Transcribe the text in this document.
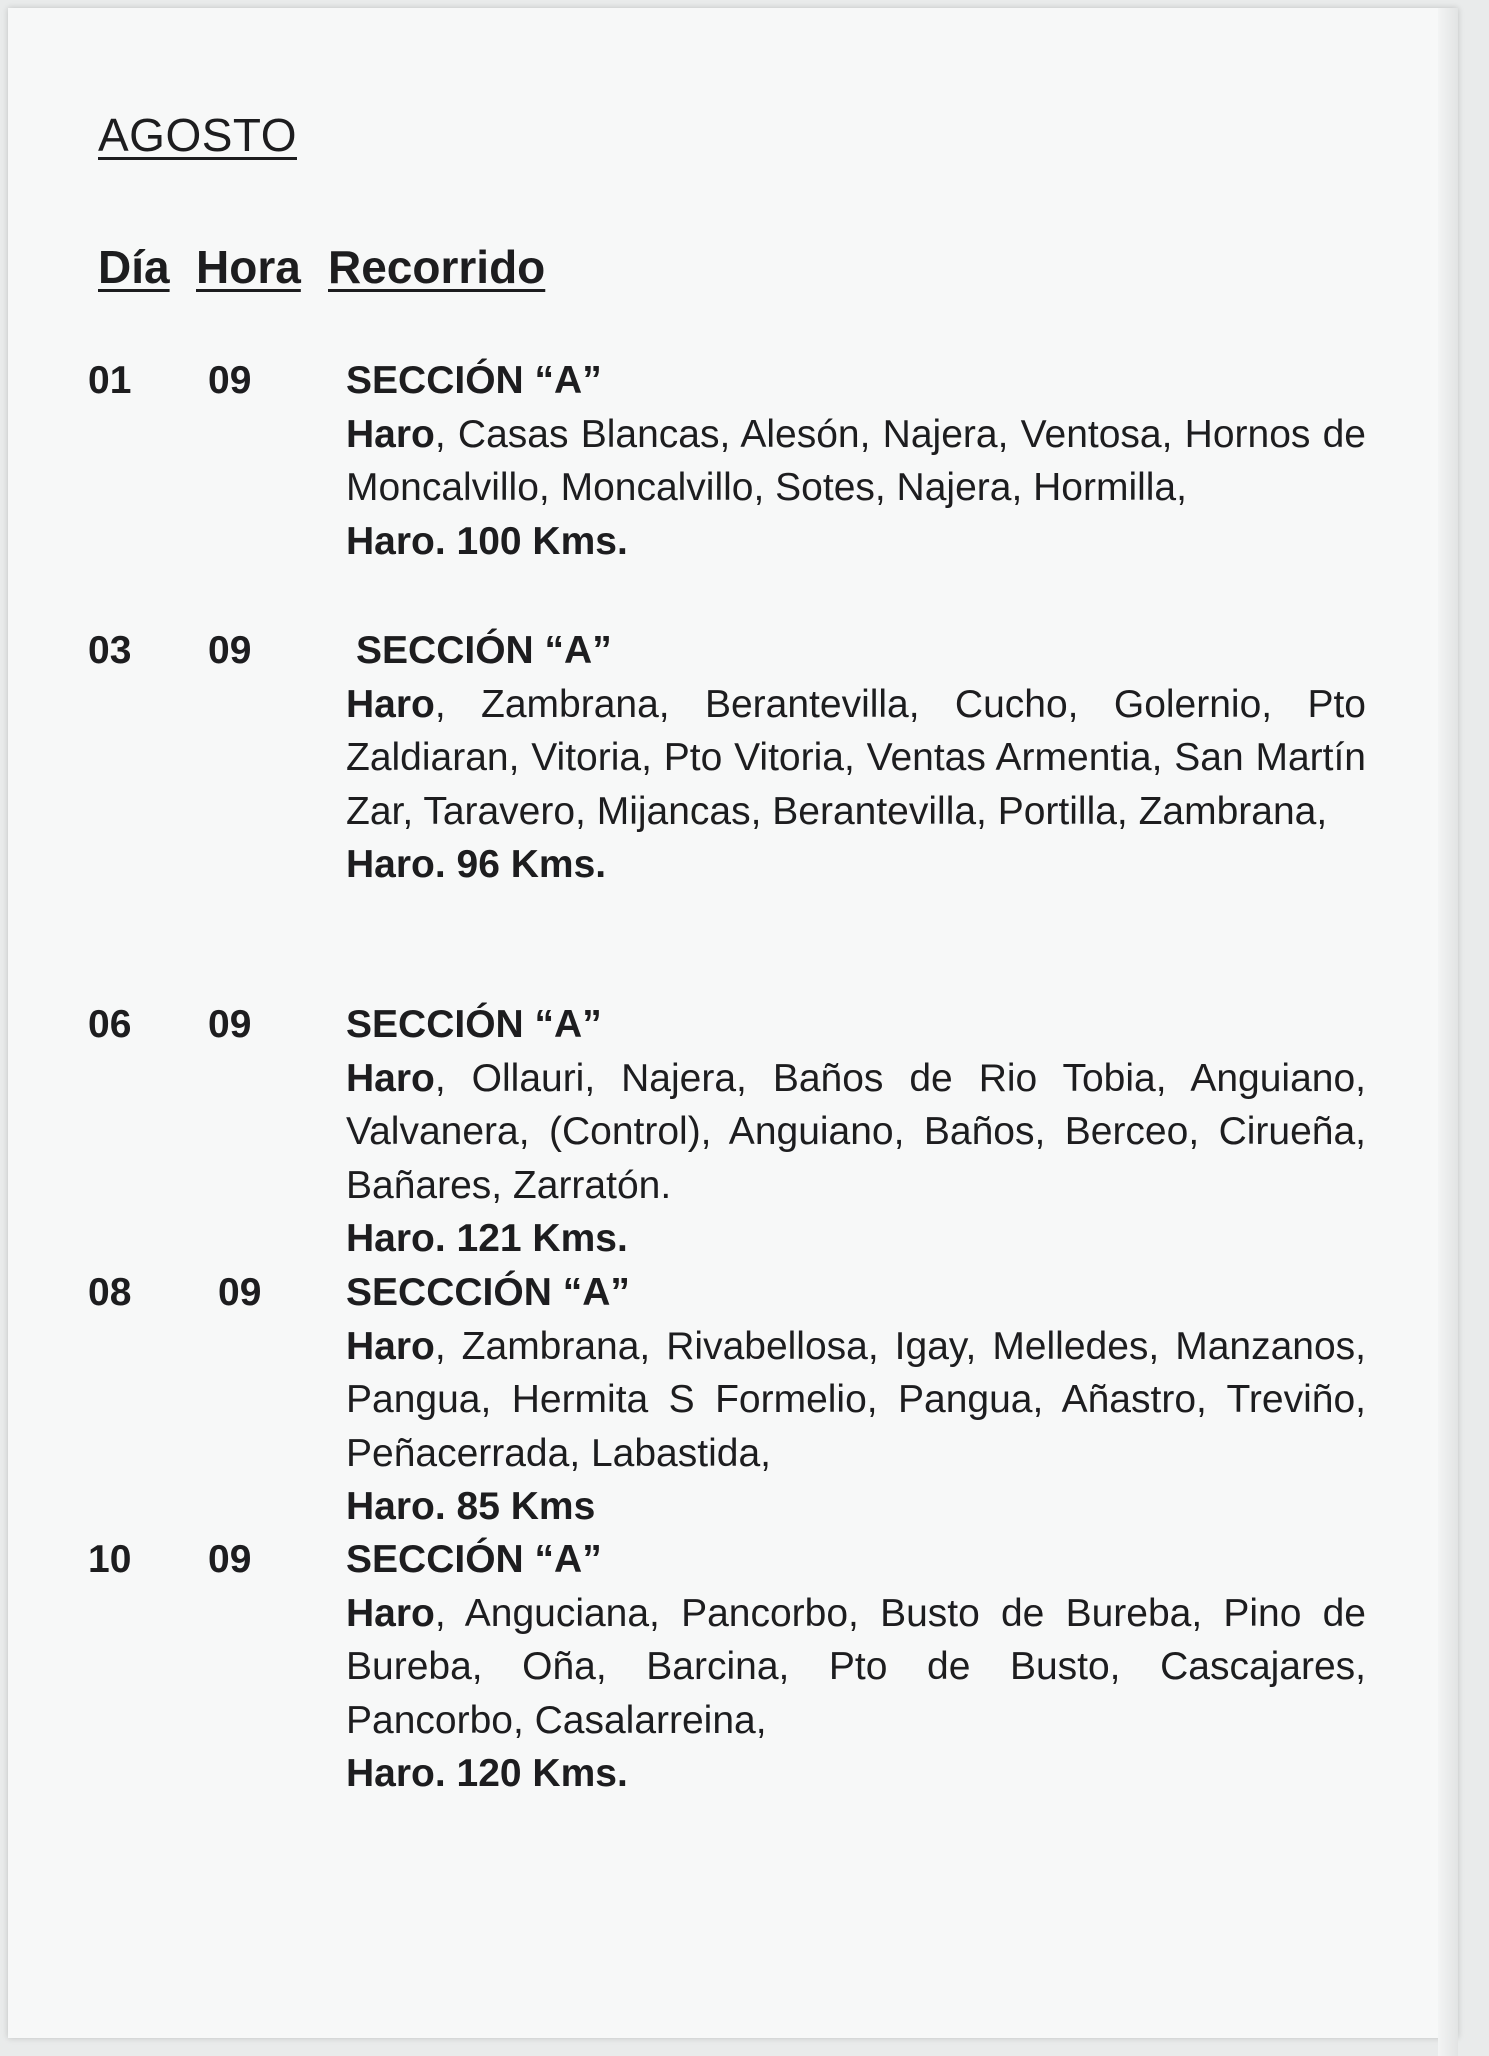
AGOSTO
Día Hora Recorrido
01 09 SECCIÓN “A”
Haro, Casas Blancas, Alesón, Najera, Ventosa, Hornos de Moncalvillo, Moncalvillo, Sotes, Najera, Hormilla,
Haro. 100 Kms.
03 09	SECCIÓN “A”
Haro, Zambrana, Berantevilla, Cucho, Golernio, Pto Zaldiaran, Vitoria, Pto Vitoria, Ventas Armentia, San Martín Zar, Taravero, Mijancas, Berantevilla, Portilla, Zambrana,
Haro. 96 Kms.
06 09 SECCIÓN “A”
Haro, Ollauri, Najera, Baños de Rio Tobia, Anguiano, Valvanera, (Control), Anguiano, Baños, Berceo, Cirueña, Bañares, Zarratón.
Haro. 121 Kms.
08 09 SECCCIÓN “A”
Haro, Zambrana, Rivabellosa, Igay, Melledes, Manzanos, Pangua, Hermita S Formelio, Pangua, Añastro, Treviño, Peñacerrada, Labastida,
Haro. 85 Kms
10 09 SECCIÓN “A”
Haro, Anguciana, Pancorbo, Busto de Bureba, Pino de Bureba, Oña, Barcina, Pto de Busto, Cascajares, Pancorbo, Casalarreina,
Haro. 120 Kms.
